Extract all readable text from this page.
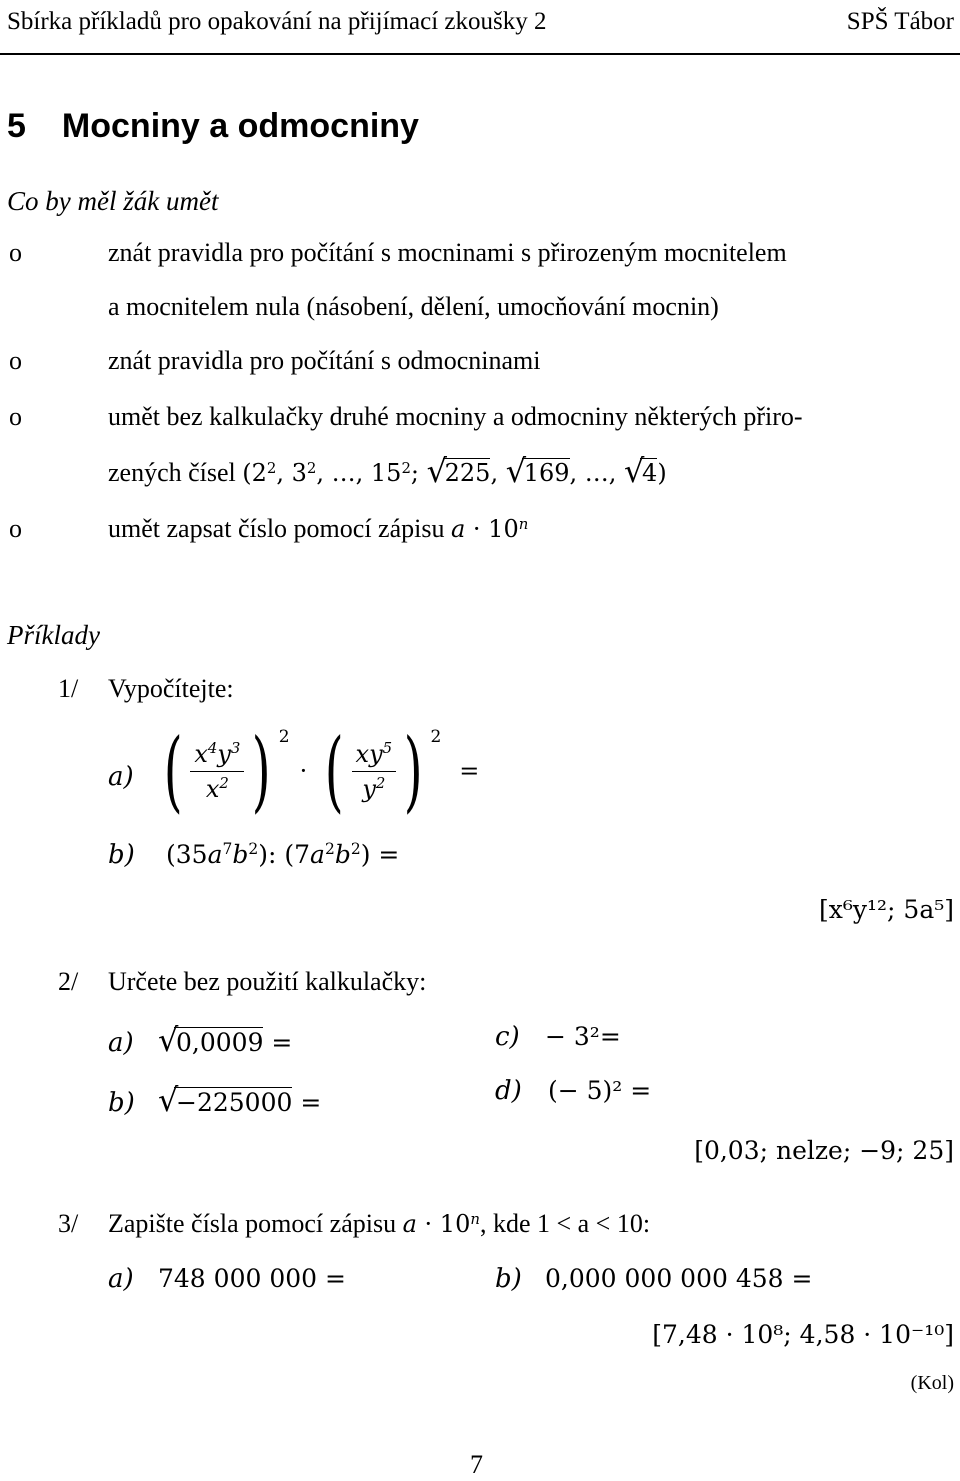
Sbírka příkladů pro opakování na přijímací zkoušky 2	SPŠ Tábor
5 Mocniny a odmocniny
Co by měl žák umět
o	znát pravidla pro počítání s mocninami s přirozeným mocnitelem
a mocnitelem nula (násobení, dělení, umocňování mocnin)
o	znát pravidla pro počítání s odmocninami
o	umět bez kalkulačky druhé mocniny a odmocniny některých přiro-
zených čísel ($2^2$, $3^2$, …, $15^2$; √
225, √
169, …, √
4)
o	umět zapsat číslo pomocí zápisu $a \cdot 10^n$
Příklady
1/ Vypočítejte:
a) ( $\frac{x^4y^3}{x^2}$ ) 2
· ( $\frac{xy^5}{y^2}$ ) 2
=
b) $(35a^7b^2)$: $(7a^2b^2)$ =
[x⁶y¹²; 5a⁵]
2/ Určete bez použití kalkulačky:
a) √
0,0009 =
b) √
−225000 =
c) − 3²=
d) (− 5)² =
[0,03; nelze; −9; 25]
3/ Zapište čísla pomocí zápisu $a \cdot 10^n$, kde 1 < a < 10:
a) 748 000 000 =	b) 0,000 000 000 458 =
[7,48 · 10⁸; 4,58 · 10⁻¹⁰]
(Kol)
7
